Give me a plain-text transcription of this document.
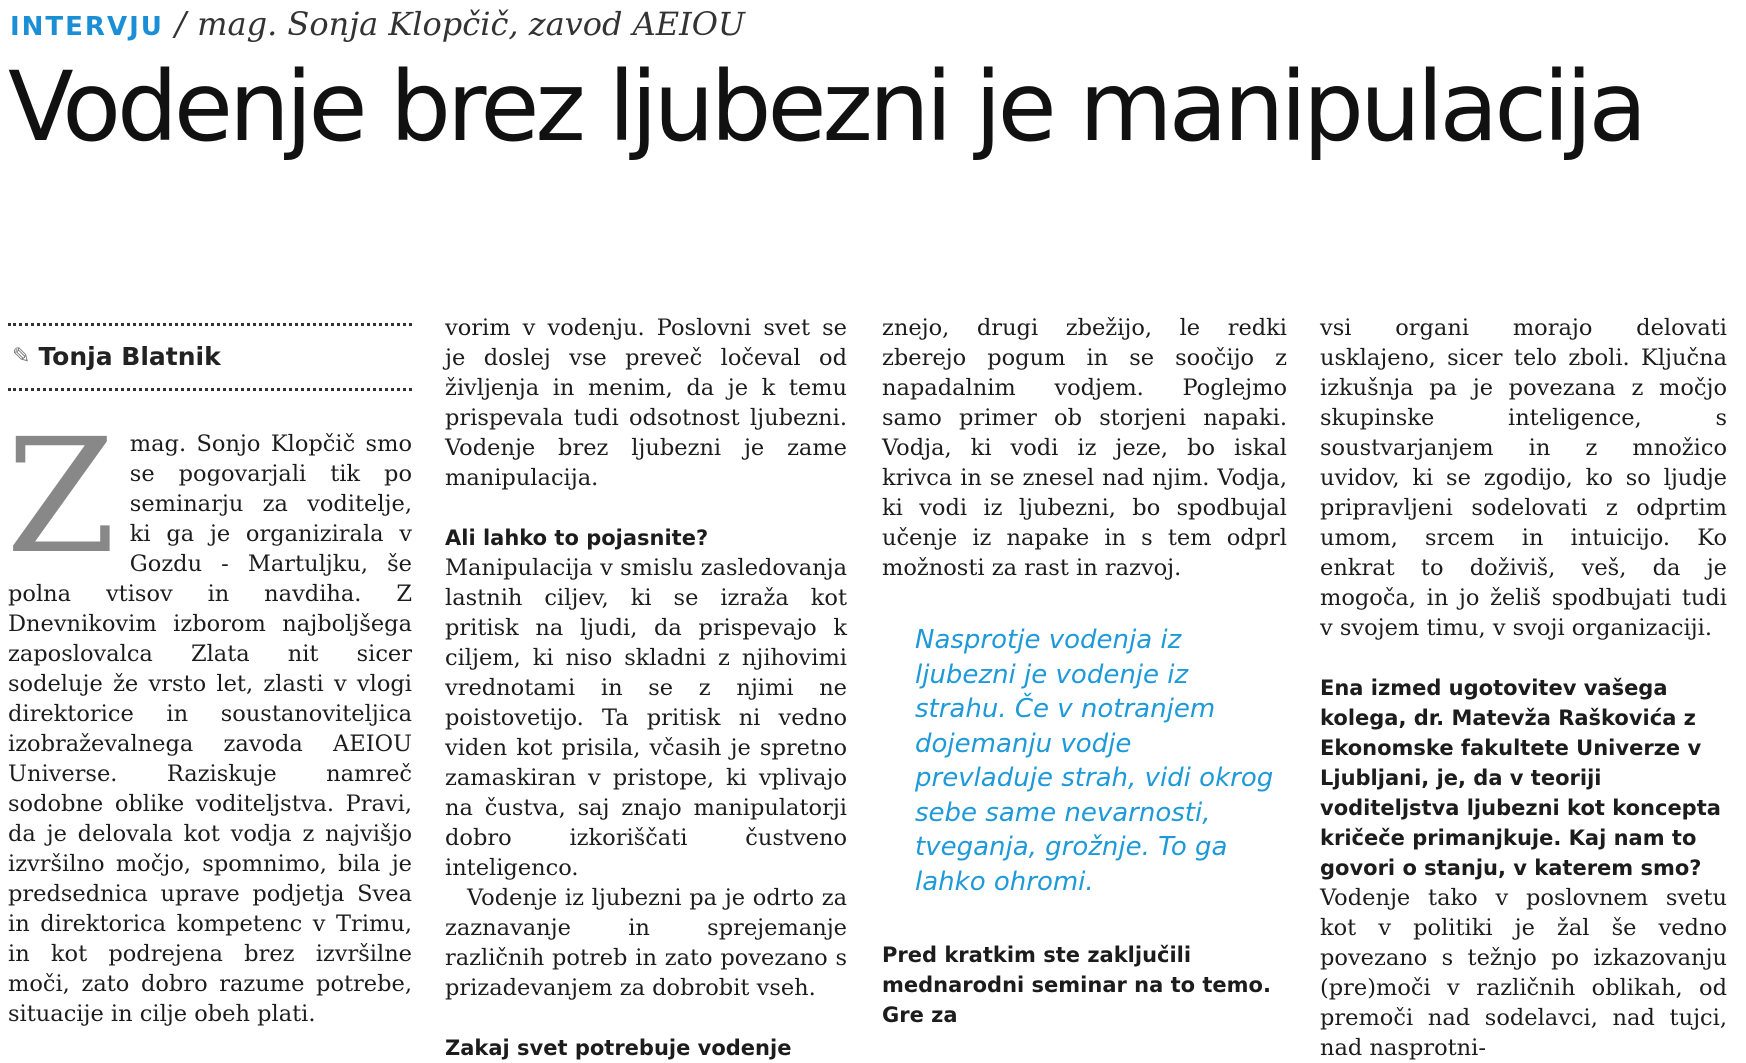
INTERVJU / mag. Sonja Klopčič, zavod AEIOU
Vodenje brez ljubezni je manipulacija
✎ Tonja Blatnik
Z mag. Sonjo Klopčič smo se pogovarjali tik po seminarju za voditelje, ki ga je organizirala v Gozdu - Martuljku, še polna vtisov in navdiha. Z Dnevnikovim izborom najboljšega zaposlovalca Zlata nit sicer sodeluje že vrsto let, zlasti v vlogi direktorice in soustanoviteljica izobraževalnega zavoda AEIOU Universe. Raziskuje namreč sodobne oblike voditeljstva. Pravi, da je delovala kot vodja z najvišjo izvršilno močjo, spomnimo, bila je predsednica uprave podjetja Svea in direktorica kompetenc v Trimu, in kot podrejena brez izvršilne moči, zato dobro razume potrebe, situacije in cilje obeh plati.

vorim v vodenju. Poslovni svet se je doslej vse preveč ločeval od življenja in menim, da je k temu prispevala tudi odsotnost ljubezni. Vodenje brez ljubezni je zame manipulacija.

Ali lahko to pojasnite?

Manipulacija v smislu zasledovanja lastnih ciljev, ki se izraža kot pritisk na ljudi, da prispevajo k ciljem, ki niso skladni z njihovimi vrednotami in se z njimi ne poistovetijo. Ta pritisk ni vedno viden kot prisila, včasih je spretno zamaskiran v pristope, ki vplivajo na čustva, saj znajo manipulatorji dobro izkoriščati čustveno inteligenco.

Vodenje iz ljubezni pa je odrto za zaznavanje in sprejemanje različnih potreb in zato povezano s prizadevanjem za dobrobit vseh.

Zakaj svet potrebuje vodenje

znejo, drugi zbežijo, le redki zberejo pogum in se soočijo z napadalnim vodjem. Poglejmo samo primer ob storjeni napaki. Vodja, ki vodi iz jeze, bo iskal krivca in se znesel nad njim. Vodja, ki vodi iz ljubezni, bo spodbujal učenje iz napake in s tem odprl možnosti za rast in razvoj.

Nasprotje vodenja iz ljubezni je vodenje iz strahu. Če v notranjem dojemanju vodje prevladuje strah, vidi okrog sebe same nevarnosti, tveganja, grožnje. To ga lahko ohromi.

Pred kratkim ste zaključili mednarodni seminar na to temo. Gre za

vsi organi morajo delovati usklajeno, sicer telo zboli. Ključna izkušnja pa je povezana z močjo skupinske inteligence, s soustvarjanjem in z množico uvidov, ki se zgodijo, ko so ljudje pripravljeni sodelovati z odprtim umom, srcem in intuicijo. Ko enkrat to doživiš, veš, da je mogoča, in jo želiš spodbujati tudi v svojem timu, v svoji organizaciji.

Ena izmed ugotovitev vašega kolega, dr. Matevža Raškovića z Ekonomske fakultete Univerze v Ljubljani, je, da v teoriji voditeljstva ljubezni kot koncepta kričeče primanjkuje. Kaj nam to govori o stanju, v katerem smo?

Vodenje tako v poslovnem svetu kot v politiki je žal še vedno povezano s težnjo po izkazovanju (pre)moči v različnih oblikah, od premoči nad sodelavci, nad tujci, nad nasprotni-
